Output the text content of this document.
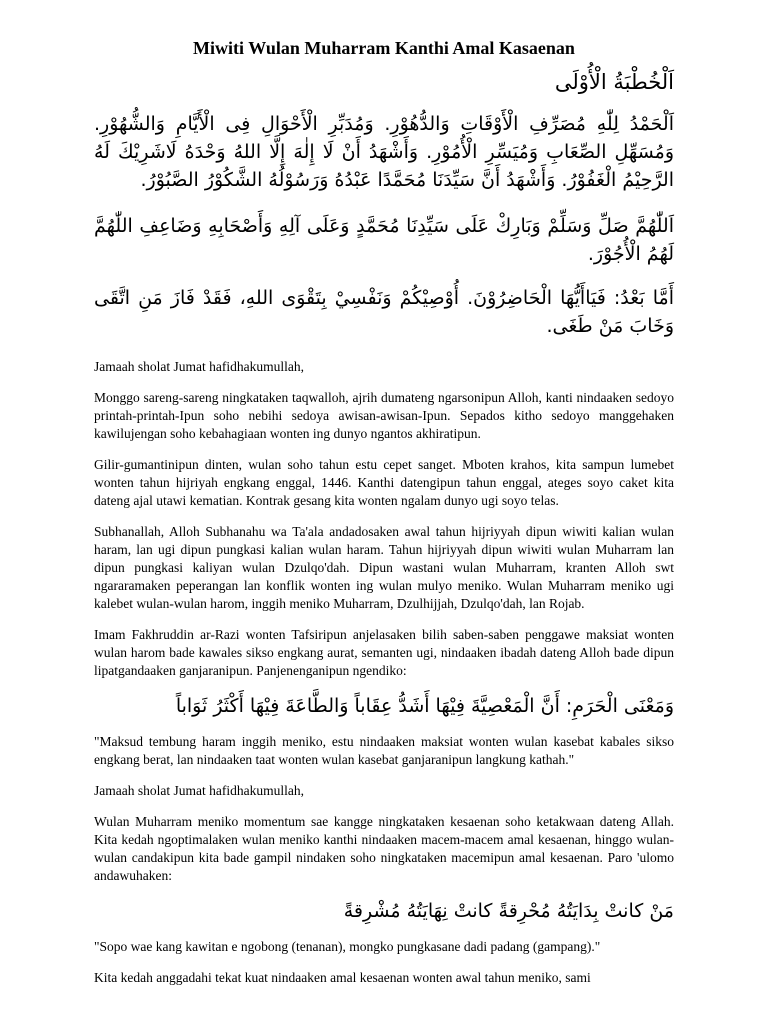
Miwiti Wulan Muharram Kanthi Amal Kasaenan

اَلْخُطْبَةُ الْأُوْلَى

اَلْحَمْدُ لِلّٰهِ مُصَرِّفِ الْأَوْقَاتِ وَالدُّهُوْرِ. وَمُدَبِّرِ الْأَحْوَالِ فِى الْأَيَّامِ وَالشُّهُوْرِ. وَمُسَهِّلِ الصِّعَابِ وَمُيَسِّرِ الْأُمُوْرِ. وَأَشْهَدُ أَنْ لَا إِلٰهَ إِلَّا اللهُ وَحْدَهُ لَاشَرِيْكَ لَهُ الرَّحِيْمُ الْغَفُوْرُ. وَأَشْهَدُ أَنَّ سَيِّدَنَا مُحَمَّدًا عَبْدُهُ وَرَسُوْلُهُ الشَّكُوْرُ الصَّبُوْرُ.

اَللّٰهُمَّ صَلِّ وَسَلِّمْ وَبَارِكْ عَلَى سَيِّدِنَا مُحَمَّدٍ وَعَلَى آلِهِ وَأَصْحَابِهِ وَضَاعِفِ اللّٰهُمَّ لَهُمُ الْأُجُوْرَ.

أَمَّا بَعْدُ: فَيَاأَيُّهَا الْحَاضِرُوْنَ. أُوْصِيْكُمْ وَنَفْسِيْ بِتَقْوَى اللهِ، فَقَدْ فَازَ مَنِ اتَّقَى وَخَابَ مَنْ طَغَى.

Jamaah sholat Jumat hafidhakumullah,

Monggo sareng-sareng ningkataken taqwalloh, ajrih dumateng ngarsonipun Alloh, kanti nindaaken sedoyo printah-printah-Ipun soho nebihi sedoya awisan-awisan-Ipun. Sepados kitho sedoyo manggehaken kawilujengan soho kebahagiaan wonten ing dunyo ngantos akhiratipun.

Gilir-gumantinipun dinten, wulan soho tahun estu cepet sanget. Mboten krahos, kita sampun lumebet wonten tahun hijriyah engkang enggal, 1446. Kanthi datengipun tahun enggal, ateges soyo caket kita dateng ajal utawi kematian. Kontrak gesang kita wonten ngalam dunyo ugi soyo telas.

Subhanallah, Alloh Subhanahu wa Ta'ala andadosaken awal tahun hijriyyah dipun wiwiti kalian wulan haram, lan ugi dipun pungkasi kalian wulan haram. Tahun hijriyyah dipun wiwiti wulan Muharram lan dipun pungkasi kaliyan wulan Dzulqo'dah. Dipun wastani wulan Muharram, kranten Alloh swt ngararamaken peperangan lan konflik wonten ing wulan mulyo meniko. Wulan Muharram meniko ugi kalebet wulan-wulan harom, inggih meniko Muharram, Dzulhijjah, Dzulqo'dah, lan Rojab.

Imam Fakhruddin ar-Razi wonten Tafsiripun anjelasaken bilih saben-saben penggawe maksiat wonten wulan harom bade kawales sikso engkang aurat, semanten ugi, nindaaken ibadah dateng Alloh bade dipun lipatgandaaken ganjaranipun. Panjenenganipun ngendiko:

وَمَعْنَى الْحَرَمِ: أَنَّ الْمَعْصِيَّةَ فِيْهَا أَشَدُّ عِقَاباً وَالطَّاعَةَ فِيْهَا أَكْثَرُ ثَوَاباً

"Maksud tembung haram inggih meniko, estu nindaaken maksiat wonten wulan kasebat kabales sikso engkang berat, lan nindaaken taat wonten wulan kasebat ganjaranipun langkung kathah."

Jamaah sholat Jumat hafidhakumullah,

Wulan Muharram meniko momentum sae kangge ningkataken kesaenan soho ketakwaan dateng Allah. Kita kedah ngoptimalaken wulan meniko kanthi nindaaken macem-macem amal kesaenan, hinggo wulan-wulan candakipun kita bade gampil nindaken soho ningkataken macemipun amal kesaenan. Paro 'ulomo andawuhaken:

مَنْ كانتْ بِدَايَتُهُ مُحْرِقةً كانتْ نِهَايَتُهُ مُشْرِقةً

"Sopo wae kang kawitan e ngobong (tenanan), mongko pungkasane dadi padang (gampang)."

Kita kedah anggadahi tekat kuat nindaaken amal kesaenan wonten awal tahun meniko, sami
